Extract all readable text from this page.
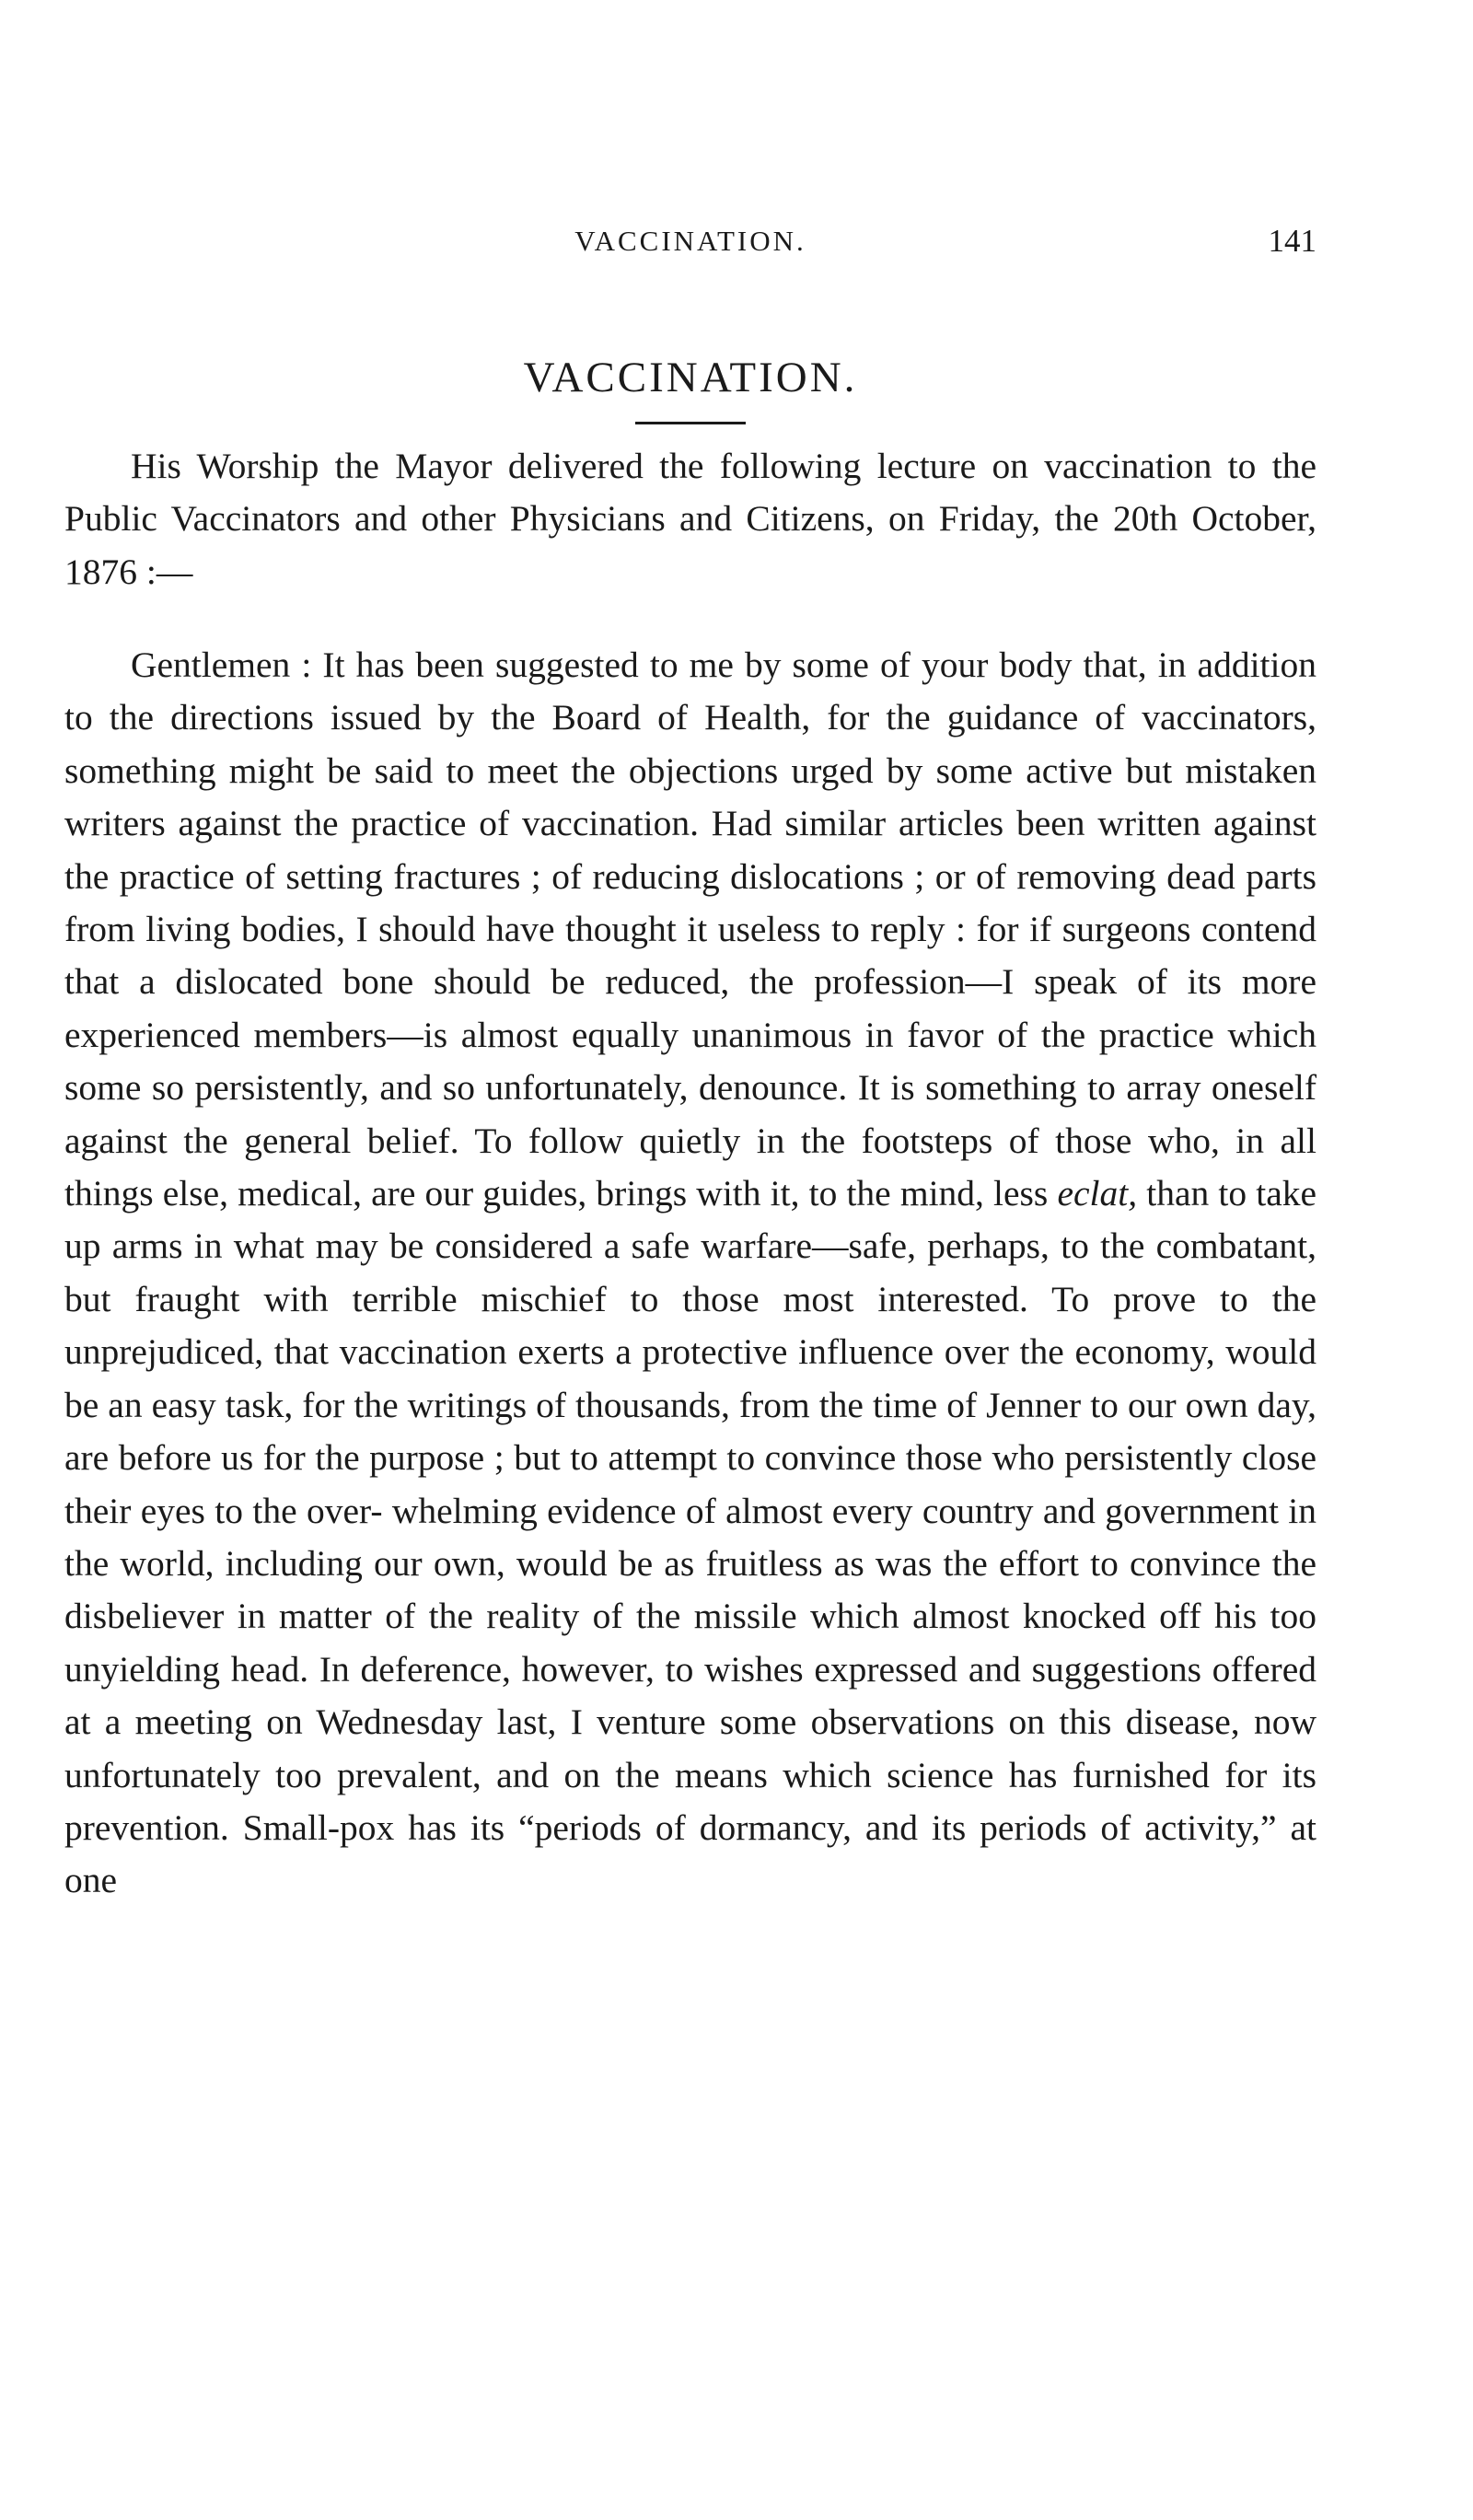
VACCINATION.	141
VACCINATION.

His Worship the Mayor delivered the following lecture on vaccination to the Public Vaccinators and other Physicians and Citizens, on Friday, the 20th October, 1876 :—

Gentlemen : It has been suggested to me by some of your body that, in addition to the directions issued by the Board of Health, for the guidance of vaccinators, something might be said to meet the objections urged by some active but mistaken writers against the practice of vaccination. Had similar articles been written against the practice of setting fractures ; of reducing dislocations ; or of removing dead parts from living bodies, I should have thought it useless to reply : for if surgeons contend that a dislocated bone should be reduced, the profession—I speak of its more experienced members—is almost equally unanimous in favor of the practice which some so persistently, and so unfortunately, denounce. It is something to array oneself against the general belief. To follow quietly in the footsteps of those who, in all things else, medical, are our guides, brings with it, to the mind, less eclat, than to take up arms in what may be considered a safe warfare—safe, perhaps, to the combatant, but fraught with terrible mischief to those most interested. To prove to the unprejudiced, that vaccination exerts a protective influence over the economy, would be an easy task, for the writings of thousands, from the time of Jenner to our own day, are before us for the purpose ; but to attempt to convince those who persistently close their eyes to the over- whelming evidence of almost every country and government in the world, including our own, would be as fruitless as was the effort to convince the disbeliever in matter of the reality of the missile which almost knocked off his too unyielding head. In deference, however, to wishes expressed and suggestions offered at a meeting on Wednesday last, I venture some observations on this disease, now unfortunately too prevalent, and on the means which science has furnished for its prevention. Small-pox has its “periods of dormancy, and its periods of activity,” at one
